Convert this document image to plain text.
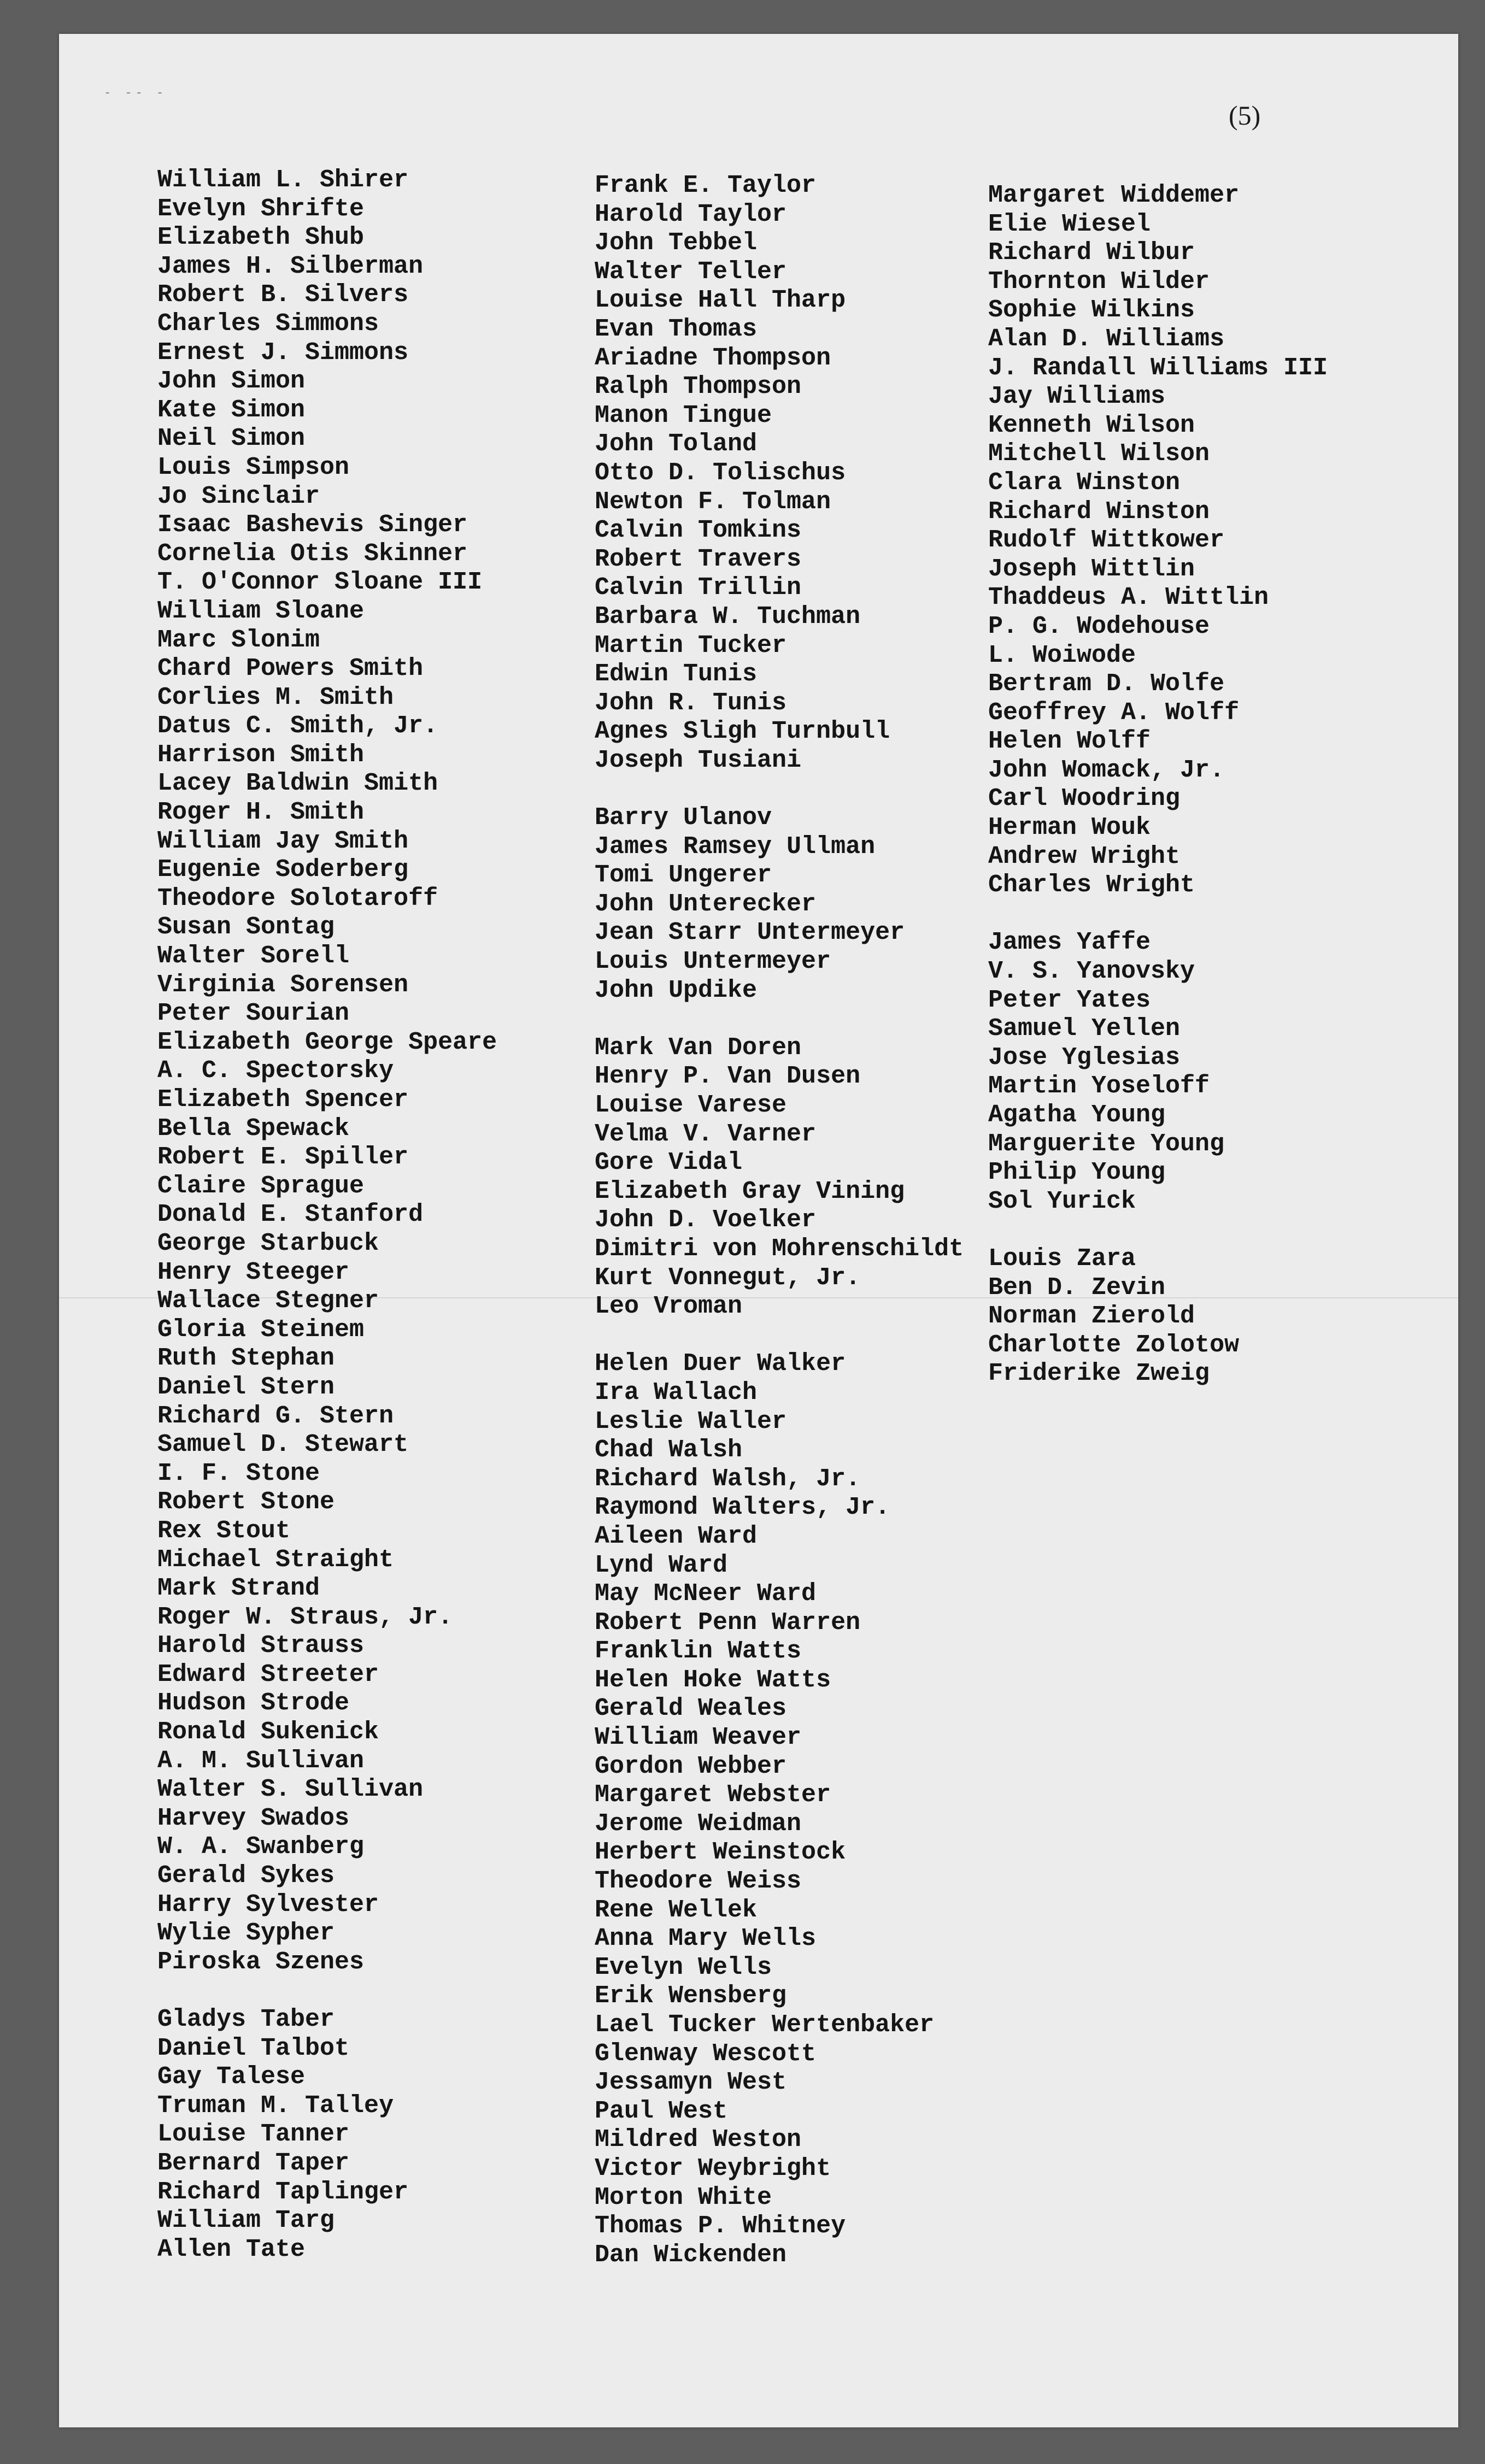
- -- -
(5)
William L. Shirer
Evelyn Shrifte
Elizabeth Shub
James H. Silberman
Robert B. Silvers
Charles Simmons
Ernest J. Simmons
John Simon
Kate Simon
Neil Simon
Louis Simpson
Jo Sinclair
Isaac Bashevis Singer
Cornelia Otis Skinner
T. O'Connor Sloane III
William Sloane
Marc Slonim
Chard Powers Smith
Corlies M. Smith
Datus C. Smith, Jr.
Harrison Smith
Lacey Baldwin Smith
Roger H. Smith
William Jay Smith
Eugenie Soderberg
Theodore Solotaroff
Susan Sontag
Walter Sorell
Virginia Sorensen
Peter Sourian
Elizabeth George Speare
A. C. Spectorsky
Elizabeth Spencer
Bella Spewack
Robert E. Spiller
Claire Sprague
Donald E. Stanford
George Starbuck
Henry Steeger
Wallace Stegner
Gloria Steinem
Ruth Stephan
Daniel Stern
Richard G. Stern
Samuel D. Stewart
I. F. Stone
Robert Stone
Rex Stout
Michael Straight
Mark Strand
Roger W. Straus, Jr.
Harold Strauss
Edward Streeter
Hudson Strode
Ronald Sukenick
A. M. Sullivan
Walter S. Sullivan
Harvey Swados
W. A. Swanberg
Gerald Sykes
Harry Sylvester
Wylie Sypher
Piroska Szenes
Gladys Taber
Daniel Talbot
Gay Talese
Truman M. Talley
Louise Tanner
Bernard Taper
Richard Taplinger
William Targ
Allen Tate
Frank E. Taylor
Harold Taylor
John Tebbel
Walter Teller
Louise Hall Tharp
Evan Thomas
Ariadne Thompson
Ralph Thompson
Manon Tingue
John Toland
Otto D. Tolischus
Newton F. Tolman
Calvin Tomkins
Robert Travers
Calvin Trillin
Barbara W. Tuchman
Martin Tucker
Edwin Tunis
John R. Tunis
Agnes Sligh Turnbull
Joseph Tusiani
Barry Ulanov
James Ramsey Ullman
Tomi Ungerer
John Unterecker
Jean Starr Untermeyer
Louis Untermeyer
John Updike
Mark Van Doren
Henry P. Van Dusen
Louise Varese
Velma V. Varner
Gore Vidal
Elizabeth Gray Vining
John D. Voelker
Dimitri von Mohrenschildt
Kurt Vonnegut, Jr.
Leo Vroman
Helen Duer Walker
Ira Wallach
Leslie Waller
Chad Walsh
Richard Walsh, Jr.
Raymond Walters, Jr.
Aileen Ward
Lynd Ward
May McNeer Ward
Robert Penn Warren
Franklin Watts
Helen Hoke Watts
Gerald Weales
William Weaver
Gordon Webber
Margaret Webster
Jerome Weidman
Herbert Weinstock
Theodore Weiss
Rene Wellek
Anna Mary Wells
Evelyn Wells
Erik Wensberg
Lael Tucker Wertenbaker
Glenway Wescott
Jessamyn West
Paul West
Mildred Weston
Victor Weybright
Morton White
Thomas P. Whitney
Dan Wickenden
Margaret Widdemer
Elie Wiesel
Richard Wilbur
Thornton Wilder
Sophie Wilkins
Alan D. Williams
J. Randall Williams III
Jay Williams
Kenneth Wilson
Mitchell Wilson
Clara Winston
Richard Winston
Rudolf Wittkower
Joseph Wittlin
Thaddeus A. Wittlin
P. G. Wodehouse
L. Woiwode
Bertram D. Wolfe
Geoffrey A. Wolff
Helen Wolff
John Womack, Jr.
Carl Woodring
Herman Wouk
Andrew Wright
Charles Wright
James Yaffe
V. S. Yanovsky
Peter Yates
Samuel Yellen
Jose Yglesias
Martin Yoseloff
Agatha Young
Marguerite Young
Philip Young
Sol Yurick
Louis Zara
Ben D. Zevin
Norman Zierold
Charlotte Zolotow
Friderike Zweig
